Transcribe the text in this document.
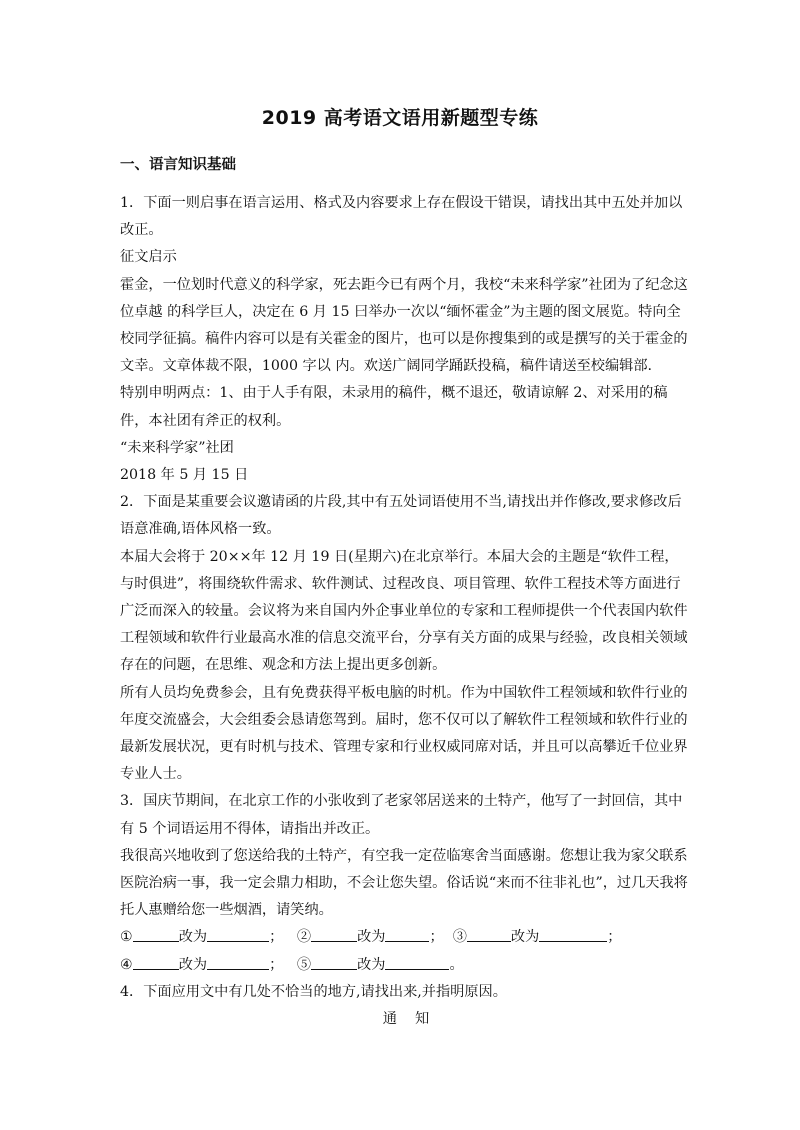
2019 高考语文语用新题型专练
一、语言知识基础

1．下面一则启事在语言运用、格式及内容要求上存在假设干错误，请找出其中五处并加以改正。

征文启示

霍金，一位划时代意义的科学家，死去距今已有两个月，我校“未来科学家”社团为了纪念这位卓越 的科学巨人，决定在 6 月 15 曰举办一次以“缅怀霍金”为主题的图文展览。特向全校同学征搞。稿件内容可以是有关霍金的图片，也可以是你搜集到的或是撰写的关于霍金的文幸。文章体裁不限，1000 字以 内。欢送广阔同学踊跃投稿，稿件请送至校编辑部.

特别申明两点：1、由于人手有限，未录用的稿件，概不退还，敬请谅解 2、对采用的稿件，本社团有斧正的权利。

“未来科学家”社团

2018 年 5 月 15 日

2．下面是某重要会议邀请函的片段,其中有五处词语使用不当,请找出并作修改,要求修改后语意准确,语体风格一致。

本届大会将于 20××年 12 月 19 日(星期六)在北京举行。本届大会的主题是“软件工程，与时俱进”，将围绕软件需求、软件测试、过程改良、项目管理、软件工程技术等方面进行广泛而深入的较量。会议将为来自国内外企事业单位的专家和工程师提供一个代表国内软件工程领域和软件行业最高水准的信息交流平台，分享有关方面的成果与经验，改良相关领域存在的问题，在思维、观念和方法上提出更多创新。

所有人员均免费参会，且有免费获得平板电脑的时机。作为中国软件工程领域和软件行业的年度交流盛会，大会组委会恳请您驾到。届时，您不仅可以了解软件工程领域和软件行业的最新发展状况，更有时机与技术、管理专家和行业权威同席对话，并且可以高攀近千位业界专业人士。

3．国庆节期间，在北京工作的小张收到了老家邻居送来的土特产，他写了一封回信，其中有 5 个词语运用不得体，请指出并改正。

我很高兴地收到了您送给我的土特产，有空我一定莅临寒舍当面感谢。您想让我为家父联系医院治病一事，我一定会鼎力相助，不会让您失望。俗话说“来而不往非礼也”，过几天我将托人惠赠给您一些烟酒，请笑纳。

①	改为	； ②	改为	； ③	改为	；

④	改为	； ⑤	改为	。

4．下面应用文中有几处不恰当的地方,请找出来,并指明原因。

通知
